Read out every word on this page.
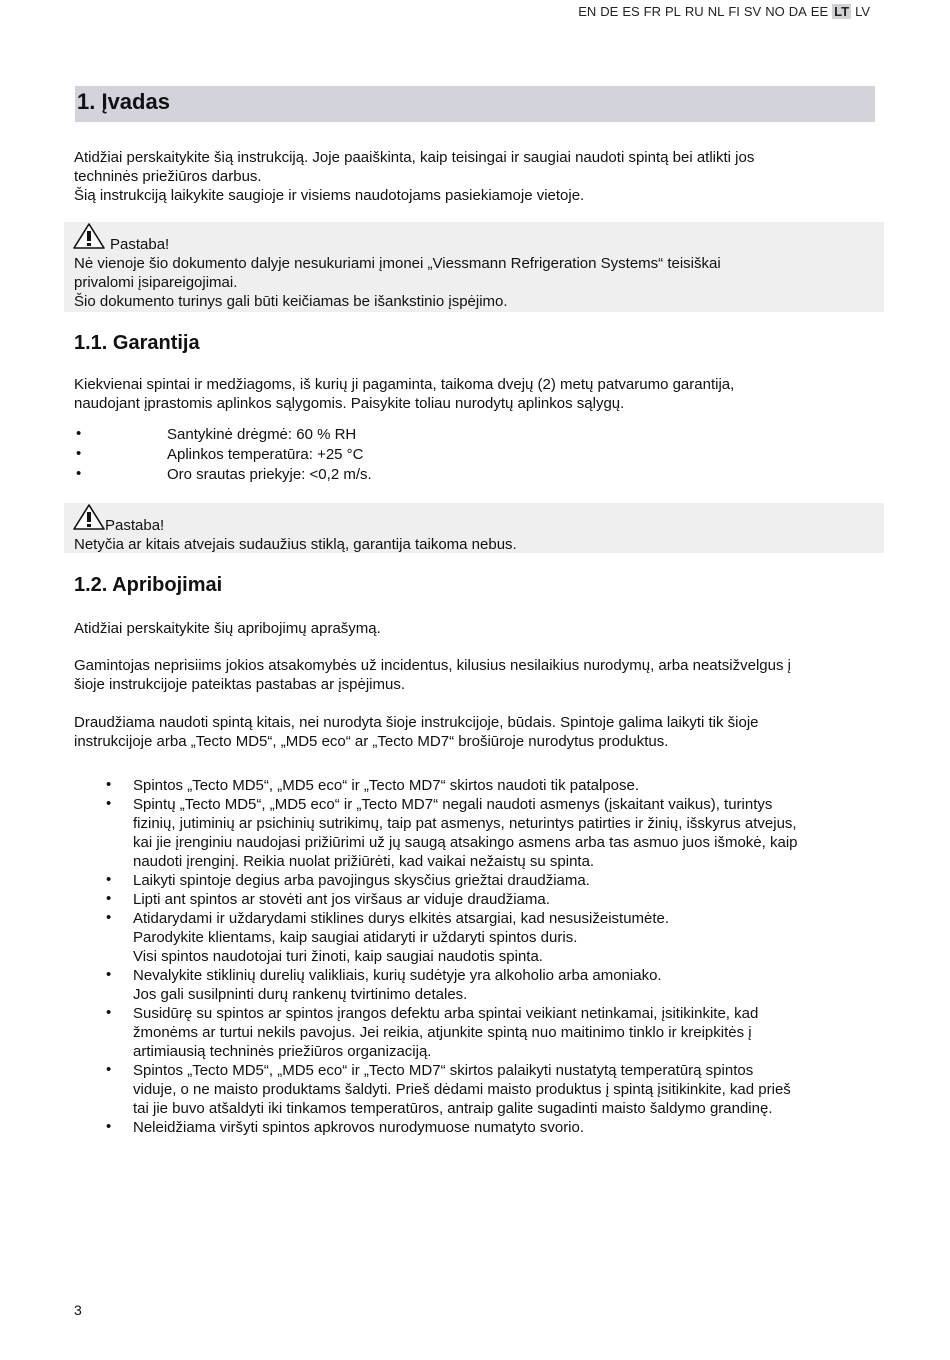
EN DE ES FR PL RU NL FI SV NO DA EE LT LV
1. Įvadas
Atidžiai perskaitykite šią instrukciją. Joje paaiškinta, kaip teisingai ir saugiai naudoti spintą bei atlikti jos
techninės priežiūros darbus.
Šią instrukciją laikykite saugioje ir visiems naudotojams pasiekiamoje vietoje.
Pastaba!
Nė vienoje šio dokumento dalyje nesukuriami įmonei „Viessmann Refrigeration Systems“ teisiškai
privalomi įsipareigojimai.
Šio dokumento turinys gali būti keičiamas be išankstinio įspėjimo.
1.1. Garantija
Kiekvienai spintai ir medžiagoms, iš kurių ji pagaminta, taikoma dvejų (2) metų patvarumo garantija,
naudojant įprastomis aplinkos sąlygomis. Paisykite toliau nurodytų aplinkos sąlygų.
•	Santykinė drėgmė: 60 % RH
•	Aplinkos temperatūra: +25 °C
•	Oro srautas priekyje: <0,2 m/s.
Pastaba!
Netyčia ar kitais atvejais sudaužius stiklą, garantija taikoma nebus.
1.2. Apribojimai
Atidžiai perskaitykite šių apribojimų aprašymą.
Gamintojas neprisiims jokios atsakomybės už incidentus, kilusius nesilaikius nurodymų, arba neatsižvelgus į
šioje instrukcijoje pateiktas pastabas ar įspėjimus.
Draudžiama naudoti spintą kitais, nei nurodyta šioje instrukcijoje, būdais. Spintoje galima laikyti tik šioje
instrukcijoje arba „Tecto MD5“, „MD5 eco“ ar „Tecto MD7“ brošiūroje nurodytus produktus.
• Spintos „Tecto MD5“, „MD5 eco“ ir „Tecto MD7“ skirtos naudoti tik patalpose.
• Spintų „Tecto MD5“, „MD5 eco“ ir „Tecto MD7“ negali naudoti asmenys (įskaitant vaikus), turintys
fizinių, jutiminių ar psichinių sutrikimų, taip pat asmenys, neturintys patirties ir žinių, išskyrus atvejus,
kai jie įrenginiu naudojasi prižiūrimi už jų saugą atsakingo asmens arba tas asmuo juos išmokė, kaip
naudoti įrenginį. Reikia nuolat prižiūrėti, kad vaikai nežaistų su spinta.
• Laikyti spintoje degius arba pavojingus skysčius griežtai draudžiama.
• Lipti ant spintos ar stovėti ant jos viršaus ar viduje draudžiama.
• Atidarydami ir uždarydami stiklines durys elkitės atsargiai, kad nesusižeistumėte.
Parodykite klientams, kaip saugiai atidaryti ir uždaryti spintos duris.
Visi spintos naudotojai turi žinoti, kaip saugiai naudotis spinta.
• Nevalykite stiklinių durelių valikliais, kurių sudėtyje yra alkoholio arba amoniako.
Jos gali susilpninti durų rankenų tvirtinimo detales.
• Susidūrę su spintos ar spintos įrangos defektu arba spintai veikiant netinkamai, įsitikinkite, kad
žmonėms ar turtui nekils pavojus. Jei reikia, atjunkite spintą nuo maitinimo tinklo ir kreipkitės į
artimiausią techninės priežiūros organizaciją.
• Spintos „Tecto MD5“, „MD5 eco“ ir „Tecto MD7“ skirtos palaikyti nustatytą temperatūrą spintos
viduje, o ne maisto produktams šaldyti. Prieš dėdami maisto produktus į spintą įsitikinkite, kad prieš
tai jie buvo atšaldyti iki tinkamos temperatūros, antraip galite sugadinti maisto šaldymo grandinę.
• Neleidžiama viršyti spintos apkrovos nurodymuose numatyto svorio.
3
